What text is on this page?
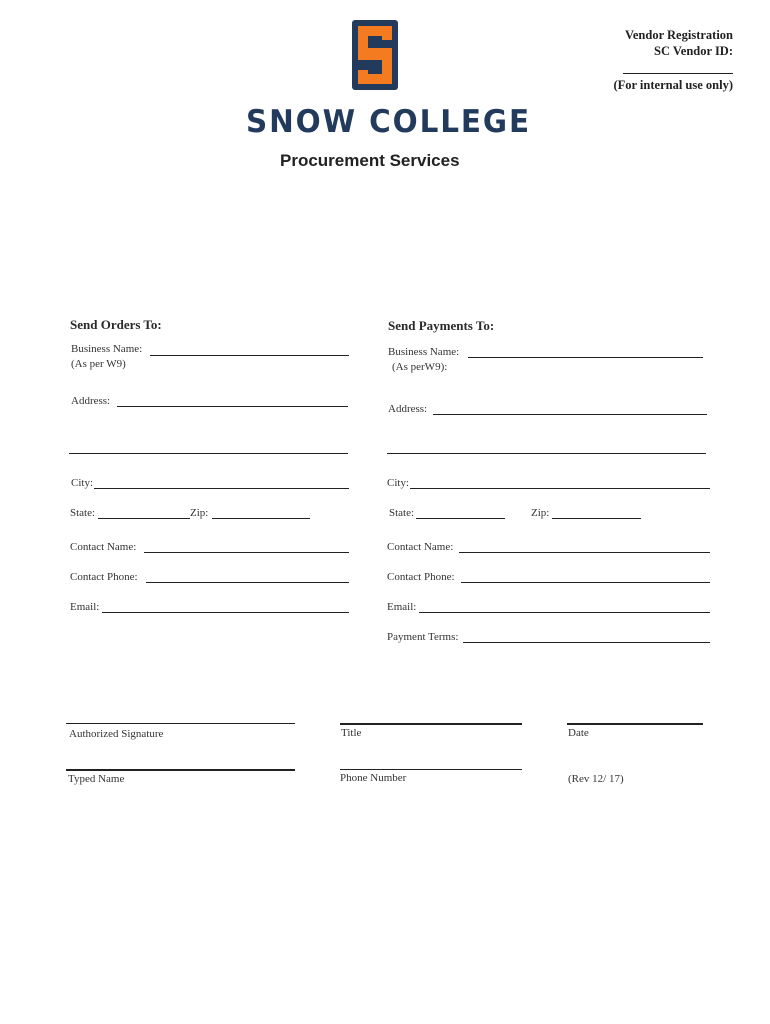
Vendor Registration
SC Vendor ID:
(For internal use only)
SNOW COLLEGE
Procurement Services
Send Orders To:
Business Name:
(As per W9)
Address:
City:
State:	Zip:
Contact Name:
Contact Phone:
Email:
Send Payments To:
Business Name:
(As perW9):
Address:
City:
State:	Zip:
Contact Name:
Contact Phone:
Email:
Payment Terms:
Authorized Signature	Title	Date
Typed Name	Phone Number	(Rev 12/ 17)
